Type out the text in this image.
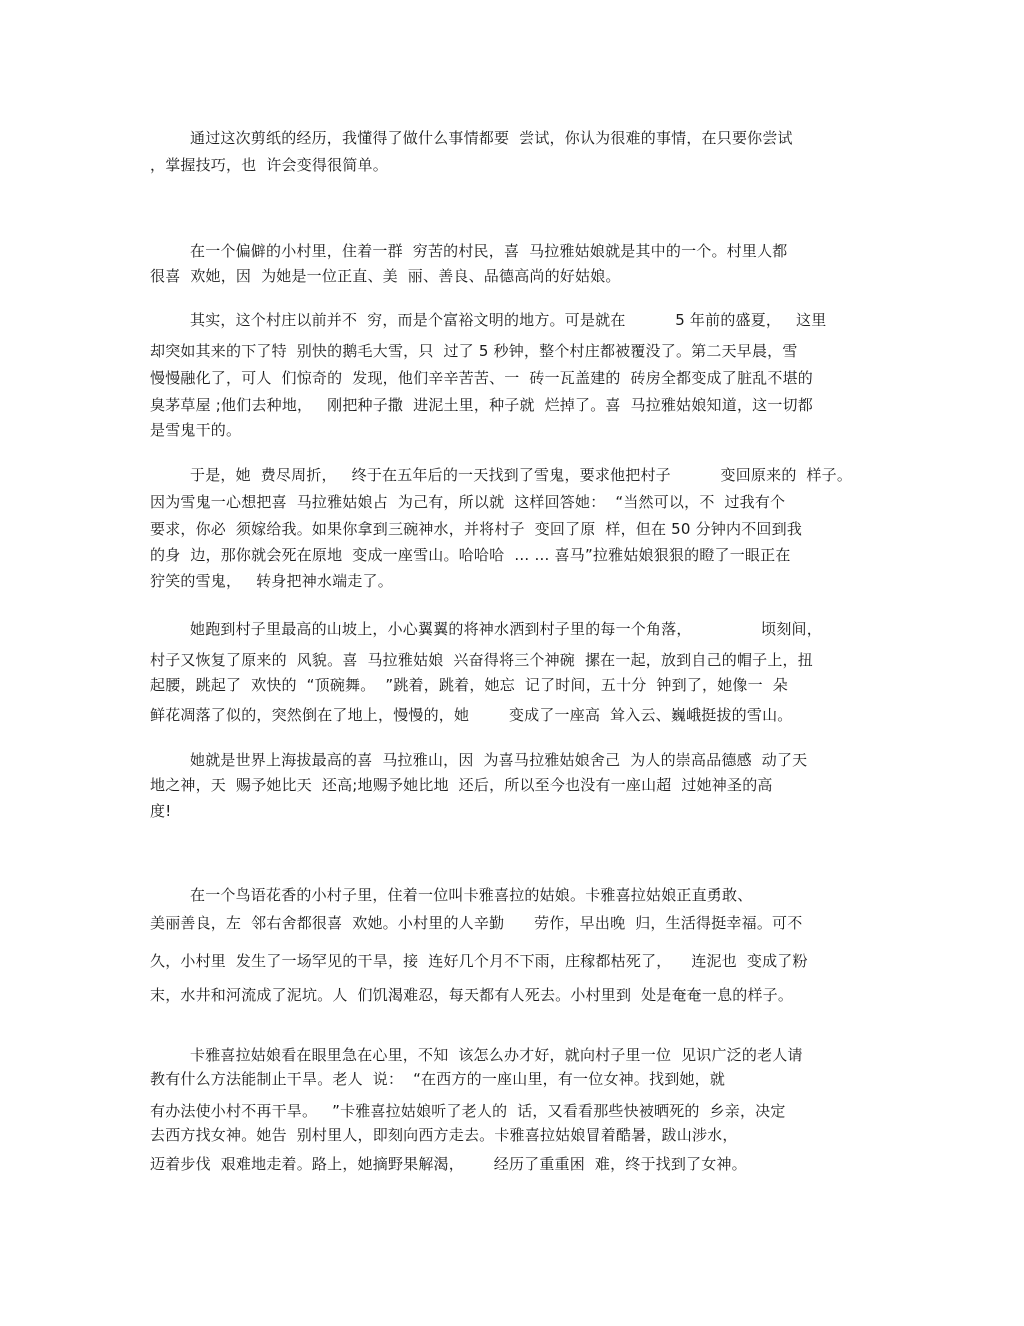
通过这次剪纸的经历，我懂得了做什么事情都要  尝试，你认为很难的事情，在只要你尝试
，掌握技巧，也  许会变得很简单。
在一个偏僻的小村里，住着一群  穷苦的村民，喜  马拉雅姑娘就是其中的一个。村里人都
很喜  欢她，因  为她是一位正直、美  丽、善良、品德高尚的好姑娘。
其实，这个村庄以前并不  穷，而是个富裕文明的地方。可是就在          5 年前的盛夏，   这里
却突如其来的下了特  别快的鹅毛大雪，只  过了 5 秒钟，整个村庄都被覆没了。第二天早晨，雪
慢慢融化了，可人  们惊奇的  发现，他们辛辛苦苦、一  砖一瓦盖建的  砖房全都变成了脏乱不堪的
臭茅草屋 ;他们去种地，   刚把种子撒  进泥土里，种子就  烂掉了。喜  马拉雅姑娘知道，这一切都
是雪鬼干的。
于是，她  费尽周折，   终于在五年后的一天找到了雪鬼，要求他把村子          变回原来的  样子。
因为雪鬼一心想把喜  马拉雅姑娘占  为己有，所以就  这样回答她：  “当然可以，不  过我有个
要求，你必  须嫁给我。如果你拿到三碗神水，并将村子  变回了原  样，但在 50 分钟内不回到我
的身  边，那你就会死在原地  变成一座雪山。哈哈哈  … … 喜马”拉雅姑娘狠狠的瞪了一眼正在
狞笑的雪鬼，   转身把神水端走了。
她跑到村子里最高的山坡上，小心翼翼的将神水洒到村子里的每一个角落，              顷刻间，
村子又恢复了原来的  风貌。喜  马拉雅姑娘  兴奋得将三个神碗  摞在一起，放到自己的帽子上，扭
起腰，跳起了  欢快的  “顶碗舞。  ”跳着，跳着，她忘  记了时间，五十分  钟到了，她像一  朵
鲜花凋落了似的，突然倒在了地上，慢慢的，她        变成了一座高  耸入云、巍峨挺拔的雪山。
她就是世界上海拔最高的喜  马拉雅山，因  为喜马拉雅姑娘舍己  为人的崇高品德感  动了天
地之神，天  赐予她比天  还高;地赐予她比地  还后，所以至今也没有一座山超  过她神圣的高
度!
在一个鸟语花香的小村子里，住着一位叫卡雅喜拉的姑娘。卡雅喜拉姑娘正直勇敢、
美丽善良，左  邻右舍都很喜  欢她。小村里的人辛勤      劳作，早出晚  归，生活得挺幸福。可不
久，小村里  发生了一场罕见的干旱，接  连好几个月不下雨，庄稼都枯死了，    连泥也  变成了粉
末，水井和河流成了泥坑。人  们饥渴难忍，每天都有人死去。小村里到  处是奄奄一息的样子。
卡雅喜拉姑娘看在眼里急在心里，不知  该怎么办才好，就向村子里一位  见识广泛的老人请
教有什么方法能制止干旱。老人  说：  “在西方的一座山里，有一位女神。找到她，就
有办法使小村不再干旱。   ”卡雅喜拉姑娘听了老人的  话，又看看那些快被晒死的  乡亲，决定
去西方找女神。她告  别村里人，即刻向西方走去。卡雅喜拉姑娘冒着酷暑，跋山涉水，
迈着步伐  艰难地走着。路上，她摘野果解渴，      经历了重重困  难，终于找到了女神。
